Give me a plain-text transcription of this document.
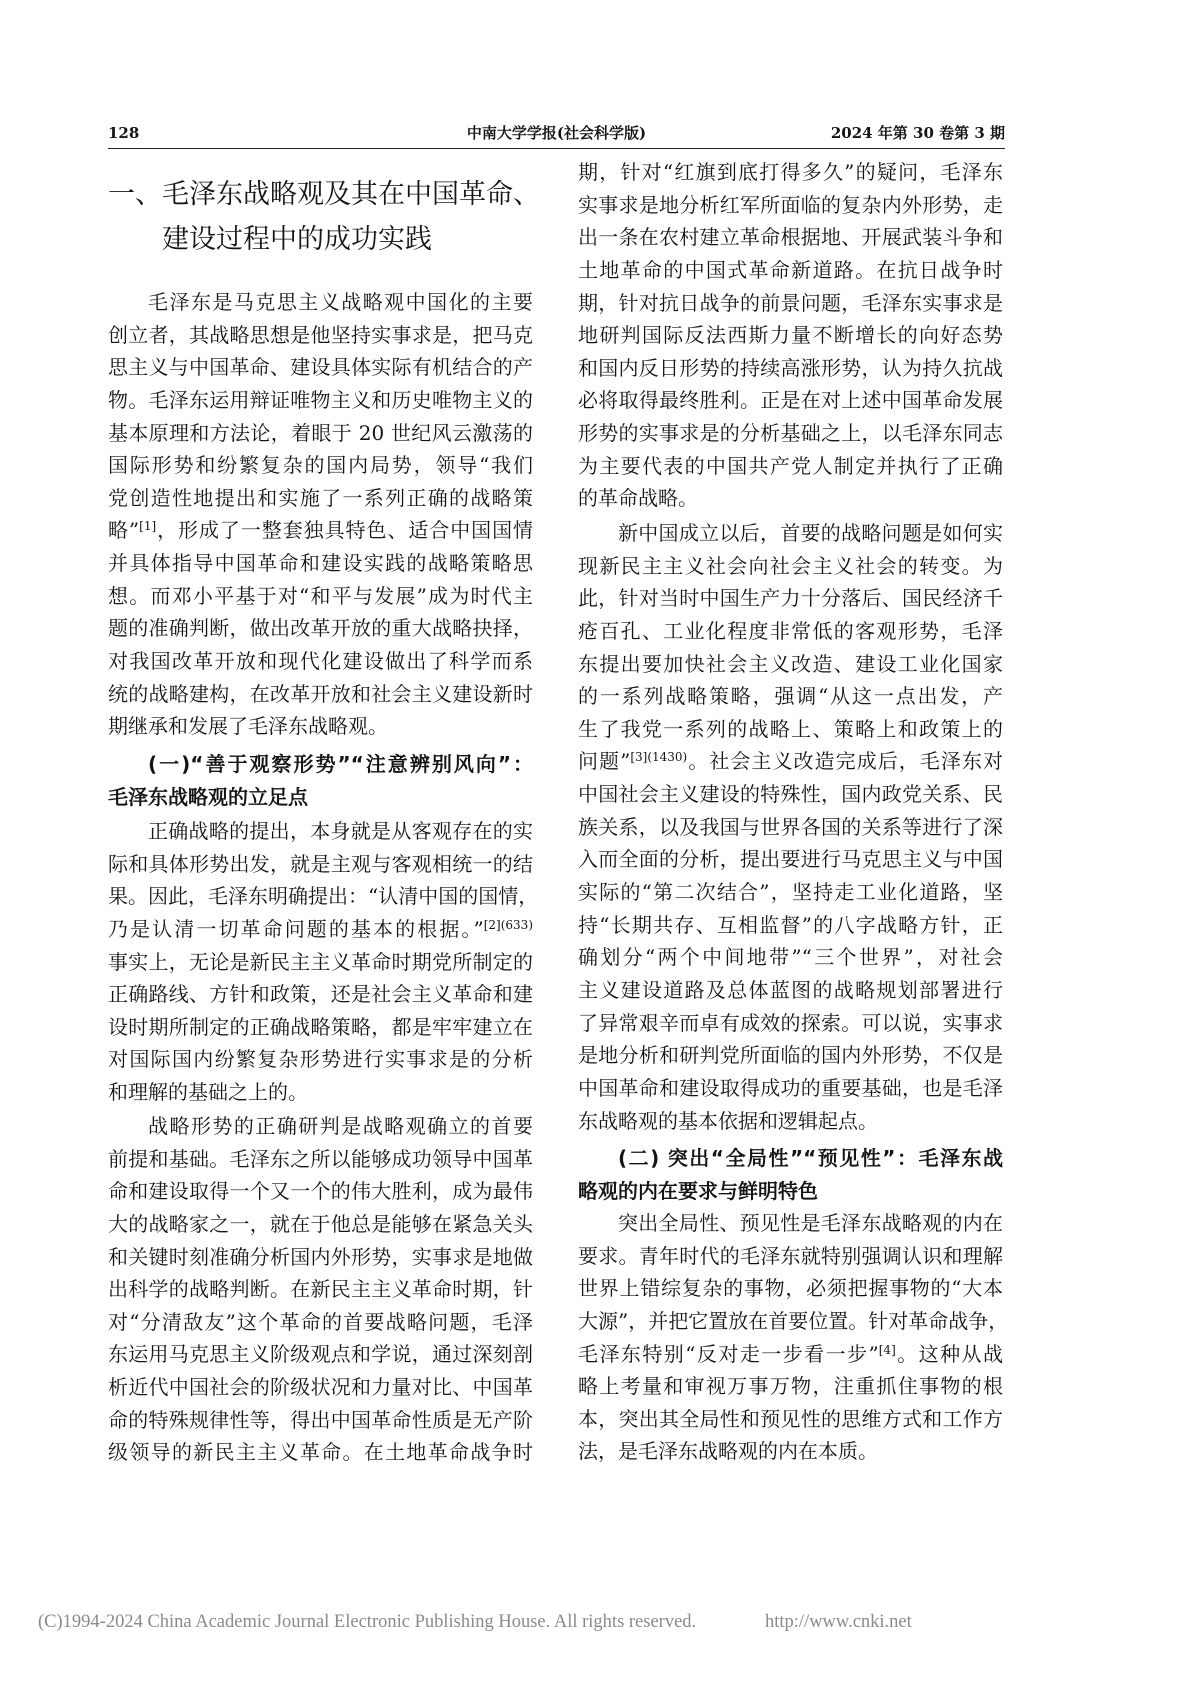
中南大学学报(社会科学版)
128	2024 年第 30 卷第 3 期
一、毛泽东战略观及其在中国革命、
建设过程中的成功实践
毛泽东是马克思主义战略观中国化的主要
创立者，其战略思想是他坚持实事求是，把马克
思主义与中国革命、建设具体实际有机结合的产
物。毛泽东运用辩证唯物主义和历史唯物主义的
基本原理和方法论，着眼于 20 世纪风云激荡的
国际形势和纷繁复杂的国内局势，领导“我们
党创造性地提出和实施了一系列正确的战略策
略”[1]，形成了一整套独具特色、适合中国国情
并具体指导中国革命和建设实践的战略策略思
想。而邓小平基于对“和平与发展”成为时代主
题的准确判断，做出改革开放的重大战略抉择，
对我国改革开放和现代化建设做出了科学而系
统的战略建构，在改革开放和社会主义建设新时
期继承和发展了毛泽东战略观。
(一)“善于观察形势”“注意辨别风向”：
毛泽东战略观的立足点
正确战略的提出，本身就是从客观存在的实
际和具体形势出发，就是主观与客观相统一的结
果。因此，毛泽东明确提出：“认清中国的国情，
乃是认清一切革命问题的基本的根据。”$^{[2](633)}$
事实上，无论是新民主主义革命时期党所制定的
正确路线、方针和政策，还是社会主义革命和建
设时期所制定的正确战略策略，都是牢牢建立在
对国际国内纷繁复杂形势进行实事求是的分析
和理解的基础之上的。
战略形势的正确研判是战略观确立的首要
前提和基础。毛泽东之所以能够成功领导中国革
命和建设取得一个又一个的伟大胜利，成为最伟
大的战略家之一，就在于他总是能够在紧急关头
和关键时刻准确分析国内外形势，实事求是地做
出科学的战略判断。在新民主主义革命时期，针
对“分清敌友”这个革命的首要战略问题，毛泽
东运用马克思主义阶级观点和学说，通过深刻剖
析近代中国社会的阶级状况和力量对比、中国革
命的特殊规律性等，得出中国革命性质是无产阶
级领导的新民主主义革命。在土地革命战争时
期，针对“红旗到底打得多久”的疑问，毛泽东
实事求是地分析红军所面临的复杂内外形势，走
出一条在农村建立革命根据地、开展武装斗争和
土地革命的中国式革命新道路。在抗日战争时
期，针对抗日战争的前景问题，毛泽东实事求是
地研判国际反法西斯力量不断增长的向好态势
和国内反日形势的持续高涨形势，认为持久抗战
必将取得最终胜利。正是在对上述中国革命发展
形势的实事求是的分析基础之上，以毛泽东同志
为主要代表的中国共产党人制定并执行了正确
的革命战略。
新中国成立以后，首要的战略问题是如何实
现新民主主义社会向社会主义社会的转变。为
此，针对当时中国生产力十分落后、国民经济千
疮百孔、工业化程度非常低的客观形势，毛泽
东提出要加快社会主义改造、建设工业化国家
的一系列战略策略，强调“从这一点出发，产
生了我党一系列的战略上、策略上和政策上的
问题”$^{[3](1430)}$。社会主义改造完成后，毛泽东对
中国社会主义建设的特殊性，国内政党关系、民
族关系，以及我国与世界各国的关系等进行了深
入而全面的分析，提出要进行马克思主义与中国
实际的“第二次结合”，坚持走工业化道路，坚
持“长期共存、互相监督”的八字战略方针，正
确划分“两个中间地带”“三个世界”，对社会
主义建设道路及总体蓝图的战略规划部署进行
了异常艰辛而卓有成效的探索。可以说，实事求
是地分析和研判党所面临的国内外形势，不仅是
中国革命和建设取得成功的重要基础，也是毛泽
东战略观的基本依据和逻辑起点。
(二) 突出“全局性”“预见性”：毛泽东战
略观的内在要求与鲜明特色
突出全局性、预见性是毛泽东战略观的内在
要求。青年时代的毛泽东就特别强调认识和理解
世界上错综复杂的事物，必须把握事物的“大本
大源”，并把它置放在首要位置。针对革命战争，
毛泽东特别“反对走一步看一步”[4]。这种从战
略上考量和审视万事万物，注重抓住事物的根
本，突出其全局性和预见性的思维方式和工作方
法，是毛泽东战略观的内在本质。
(C)1994-2024 China Academic Journal Electronic Publishing House. All rights reserved.	http://www.cnki.net
